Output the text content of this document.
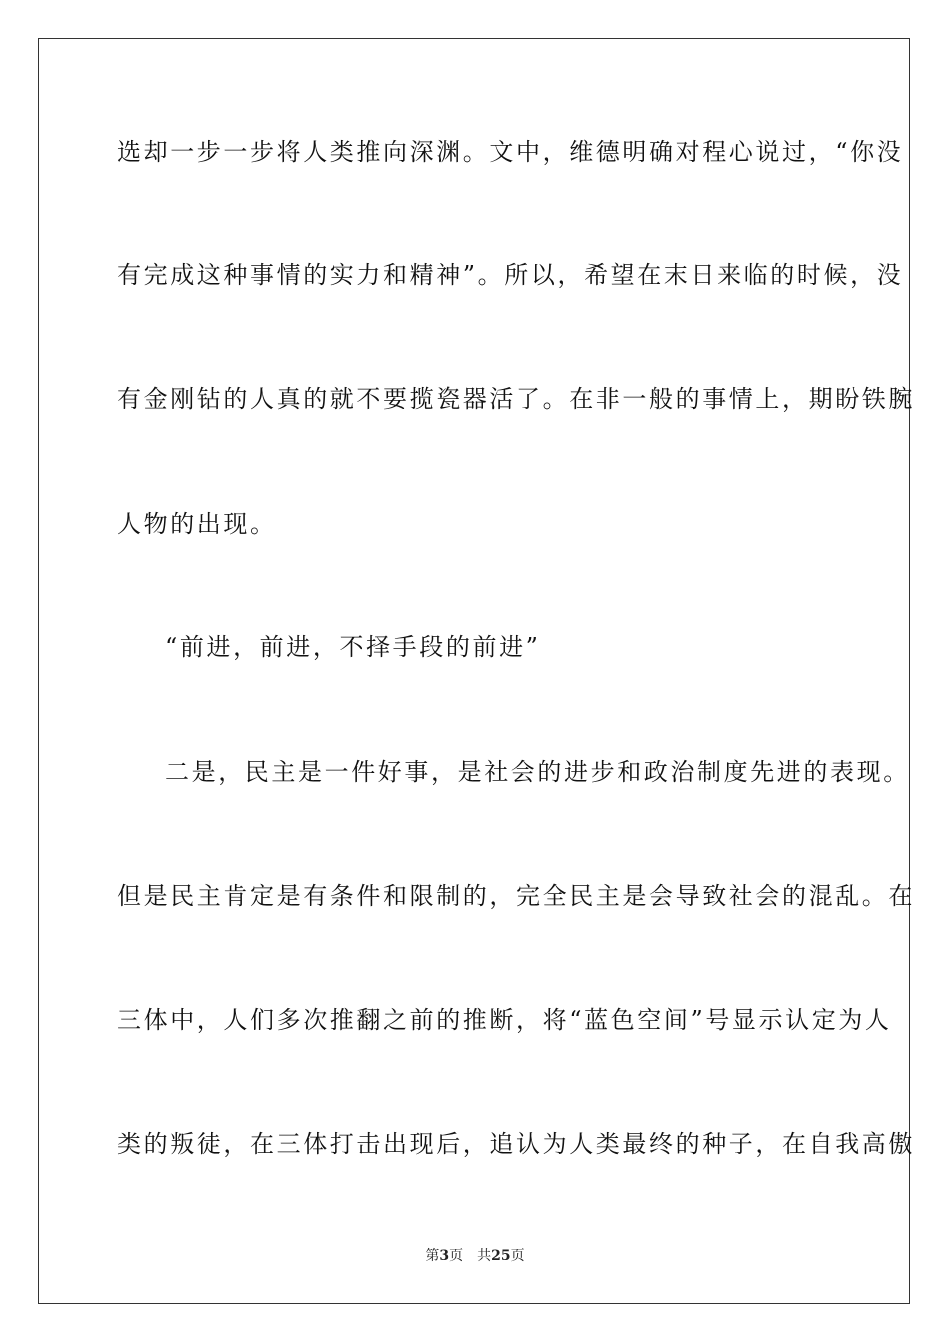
选却一步一步将人类推向深渊。文中，维德明确对程心说过，“你没
有完成这种事情的实力和精神”。所以，希望在末日来临的时候，没
有金刚钻的人真的就不要揽瓷器活了。在非一般的事情上，期盼铁腕
人物的出现。
“前进，前进，不择手段的前进”
二是，民主是一件好事，是社会的进步和政治制度先进的表现。
但是民主肯定是有条件和限制的，完全民主是会导致社会的混乱。在
三体中，人们多次推翻之前的推断，将“蓝色空间”号显示认定为人
类的叛徒，在三体打击出现后，追认为人类最终的种子，在自我高傲
第3页 共25页
